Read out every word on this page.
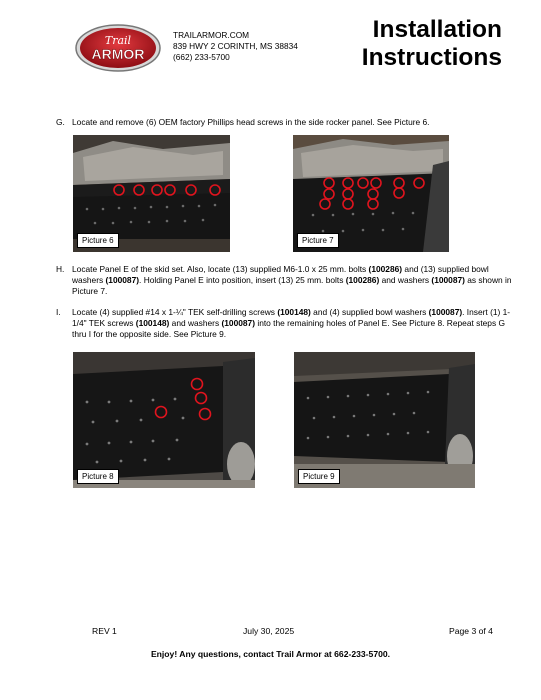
Trail
ARMOR
TRAILARMOR.COM
839 HWY 2 CORINTH, MS 38834
(662) 233-5700
Installation
Instructions
G. Locate and remove (6) OEM factory Phillips head screws in the side rocker panel. See Picture 6.
Picture 6	Picture 7
H. Locate Panel E of the skid set. Also, locate (13) supplied M6-1.0 x 25 mm. bolts (100286) and (13) supplied bowl washers (100087). Holding Panel E into position, insert (13) 25 mm. bolts (100286) and washers (100087) as shown in Picture 7.
I. Locate (4) supplied #14 x 1-¼" TEK self-drilling screws (100148) and (4) supplied bowl washers (100087). Insert (1) 1-1/4" TEK screws (100148) and washers (100087) into the remaining holes of Panel E. See Picture 8. Repeat steps G thru I for the opposite side. See Picture 9.
Picture 8	Picture 9
REV 1	July 30, 2025	Page 3 of 4
Enjoy! Any questions, contact Trail Armor at 662-233-5700.
